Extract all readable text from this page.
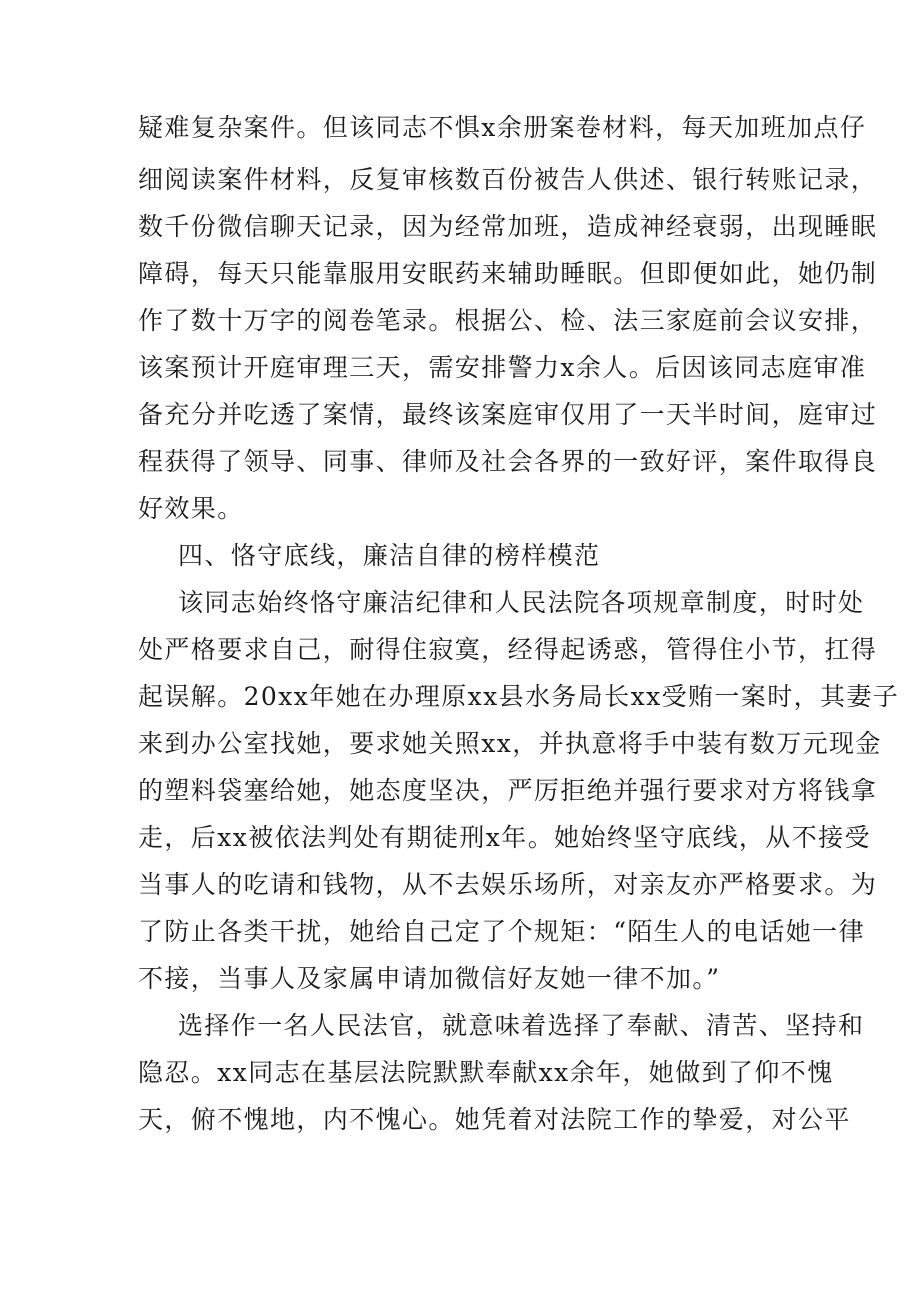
疑难复杂案件。但该同志不惧x余册案卷材料，每天加班加点仔
细阅读案件材料，反复审核数百份被告人供述、银行转账记录，
数千份微信聊天记录，因为经常加班，造成神经衰弱，出现睡眠
障碍，每天只能靠服用安眠药来辅助睡眠。但即便如此，她仍制
作了数十万字的阅卷笔录。根据公、检、法三家庭前会议安排，
该案预计开庭审理三天，需安排警力x余人。后因该同志庭审准
备充分并吃透了案情，最终该案庭审仅用了一天半时间，庭审过
程获得了领导、同事、律师及社会各界的一致好评，案件取得良
好效果。
四、恪守底线，廉洁自律的榜样模范
该同志始终恪守廉洁纪律和人民法院各项规章制度，时时处
处严格要求自己，耐得住寂寞，经得起诱惑，管得住小节，扛得
起误解。20xx年她在办理原xx县水务局长xx受贿一案时，其妻子
来到办公室找她，要求她关照xx，并执意将手中装有数万元现金
的塑料袋塞给她，她态度坚决，严厉拒绝并强行要求对方将钱拿
走，后xx被依法判处有期徒刑x年。她始终坚守底线，从不接受
当事人的吃请和钱物，从不去娱乐场所，对亲友亦严格要求。为
了防止各类干扰，她给自己定了个规矩：“陌生人的电话她一律
不接，当事人及家属申请加微信好友她一律不加。”
选择作一名人民法官，就意味着选择了奉献、清苦、坚持和
隐忍。xx同志在基层法院默默奉献xx余年，她做到了仰不愧
天，俯不愧地，内不愧心。她凭着对法院工作的挚爱，对公平
